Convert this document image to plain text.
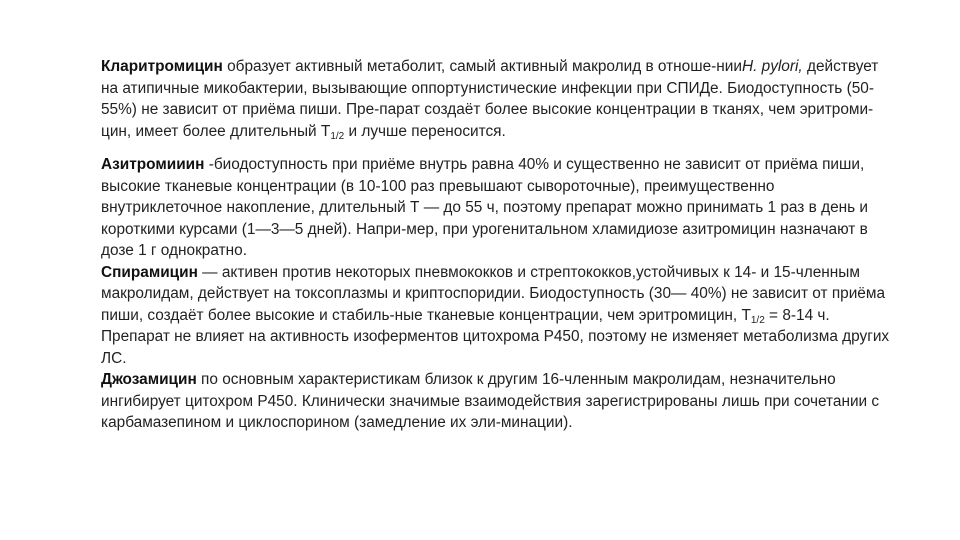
Кларитромицин образует активный метаболит, самый активный макролид в отноше-нииH. pylori, действует на атипичные микобактерии, вызывающие оппортунистические инфекции при СПИДе. Биодоступность (50-55%) не зависит от приёма пиши. Пре-парат создаёт более высокие концентрации в тканях, чем эритроми-цин, имеет более длительный $Т_{1/2}$ и лучше переносится.

Азитромииин -биодоступность при приёме внутрь равна 40% и существенно не зависит от приёма пиши, высокие тканевые концентрации (в 10-100 раз превышают сывороточные), преимущественно внутриклеточное накопление, длительный Т — до 55 ч, поэтому препарат можно принимать 1 раз в день и короткими курсами (1—3—5 дней). Напри-мер, при урогенитальном хламидиозе азитромицин назначают в дозе 1 г однократно.

Спирамицин — активен против некоторых пневмококков и стрептококков,устойчивых к 14- и 15-членным макролидам, действует на токсоплазмы и криптоспоридии. Биодоступность (30— 40%) не зависит от приёма пиши, создаёт более высокие и стабиль-ные тканевые концентрации, чем эритромицин, $Т_{1/2} = 8-14$ ч. Препарат не влияет на активность изоферментов цитохрома Р450, поэтому не изменяет метаболизма других ЛС.

Джозамицин по основным характеристикам близок к другим 16-членным макролидам, незначительно ингибирует цитохром Р450. Клинически значимые взаимодействия зарегистрированы лишь при сочетании с карбамазепином и циклоспорином (замедление их эли-минации).
